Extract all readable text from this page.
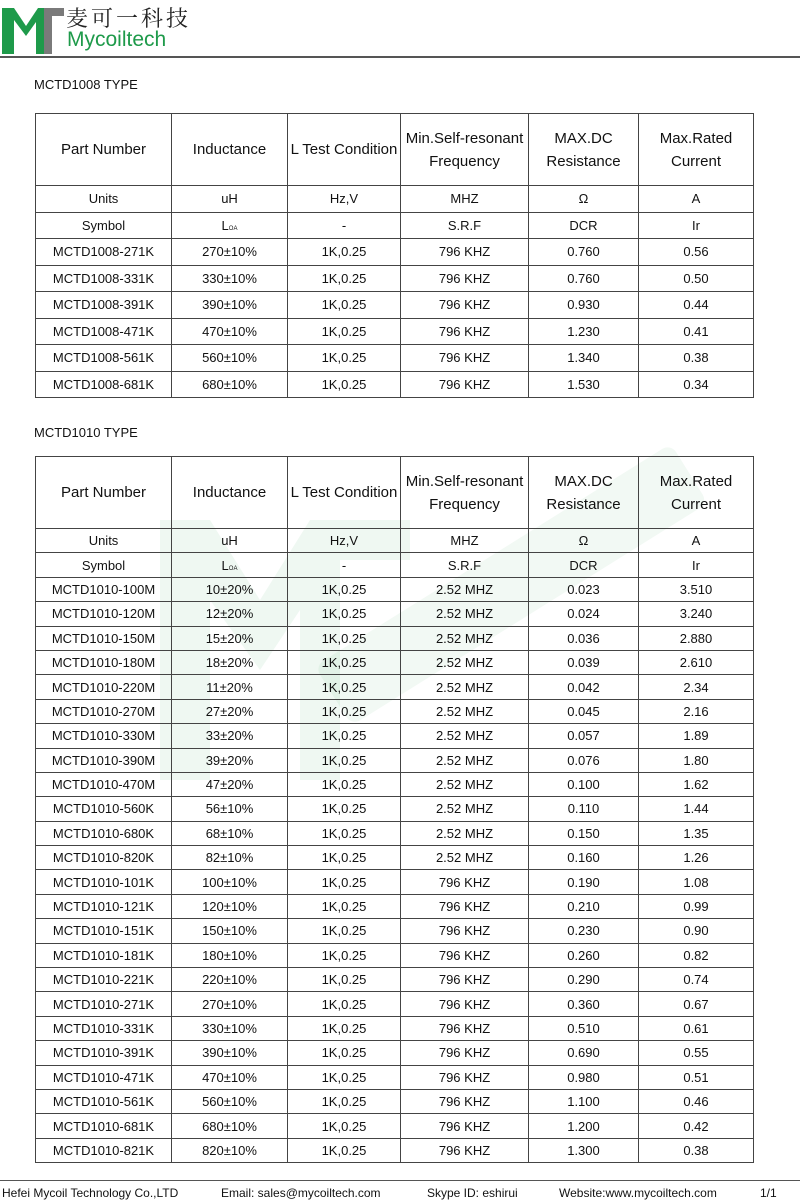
麦可一科技
Mycoiltech
MCTD1008 TYPE
Part Number	Inductance	L Test Condition	Min.Self-resonant Frequency	MAX.DC Resistance	Max.Rated Current
Units	uH	Hz,V	MHZ	Ω	A
Symbol	LOA	-	S.R.F	DCR	Ir
MCTD1008-271K	270±10%	1K,0.25	796 KHZ	0.760	0.56
MCTD1008-331K	330±10%	1K,0.25	796 KHZ	0.760	0.50
MCTD1008-391K	390±10%	1K,0.25	796 KHZ	0.930	0.44
MCTD1008-471K	470±10%	1K,0.25	796 KHZ	1.230	0.41
MCTD1008-561K	560±10%	1K,0.25	796 KHZ	1.340	0.38
MCTD1008-681K	680±10%	1K,0.25	796 KHZ	1.530	0.34
MCTD1010 TYPE
Part Number	Inductance	L Test Condition	Min.Self-resonant Frequency	MAX.DC Resistance	Max.Rated Current
Units	uH	Hz,V	MHZ	Ω	A
Symbol	LOA	-	S.R.F	DCR	Ir
MCTD1010-100M	10±20%	1K,0.25	2.52 MHZ	0.023	3.510
MCTD1010-120M	12±20%	1K,0.25	2.52 MHZ	0.024	3.240
MCTD1010-150M	15±20%	1K,0.25	2.52 MHZ	0.036	2.880
MCTD1010-180M	18±20%	1K,0.25	2.52 MHZ	0.039	2.610
MCTD1010-220M	11±20%	1K,0.25	2.52 MHZ	0.042	2.34
MCTD1010-270M	27±20%	1K,0.25	2.52 MHZ	0.045	2.16
MCTD1010-330M	33±20%	1K,0.25	2.52 MHZ	0.057	1.89
MCTD1010-390M	39±20%	1K,0.25	2.52 MHZ	0.076	1.80
MCTD1010-470M	47±20%	1K,0.25	2.52 MHZ	0.100	1.62
MCTD1010-560K	56±10%	1K,0.25	2.52 MHZ	0.110	1.44
MCTD1010-680K	68±10%	1K,0.25	2.52 MHZ	0.150	1.35
MCTD1010-820K	82±10%	1K,0.25	2.52 MHZ	0.160	1.26
MCTD1010-101K	100±10%	1K,0.25	796 KHZ	0.190	1.08
MCTD1010-121K	120±10%	1K,0.25	796 KHZ	0.210	0.99
MCTD1010-151K	150±10%	1K,0.25	796 KHZ	0.230	0.90
MCTD1010-181K	180±10%	1K,0.25	796 KHZ	0.260	0.82
MCTD1010-221K	220±10%	1K,0.25	796 KHZ	0.290	0.74
MCTD1010-271K	270±10%	1K,0.25	796 KHZ	0.360	0.67
MCTD1010-331K	330±10%	1K,0.25	796 KHZ	0.510	0.61
MCTD1010-391K	390±10%	1K,0.25	796 KHZ	0.690	0.55
MCTD1010-471K	470±10%	1K,0.25	796 KHZ	0.980	0.51
MCTD1010-561K	560±10%	1K,0.25	796 KHZ	1.100	0.46
MCTD1010-681K	680±10%	1K,0.25	796 KHZ	1.200	0.42
MCTD1010-821K	820±10%	1K,0.25	796 KHZ	1.300	0.38
Hefei Mycoil Technology Co.,LTD	Email: sales@mycoiltech.com	Skype ID: eshirui	Website:www.mycoiltech.com	1/1
